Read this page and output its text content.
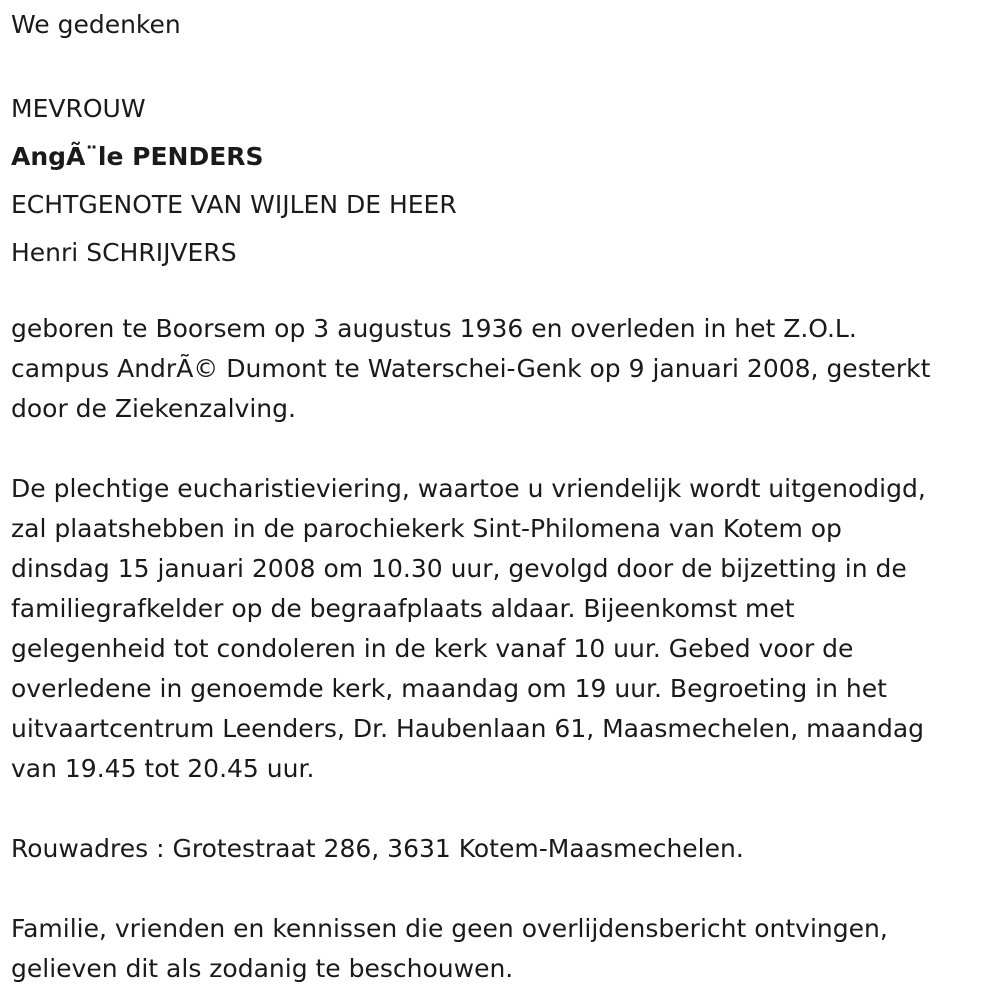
We gedenken
MEVROUW
AngÃ¨le PENDERS
ECHTGENOTE VAN WIJLEN DE HEER
Henri SCHRIJVERS
geboren te Boorsem op 3 augustus 1936 en overleden in het Z.O.L.
campus AndrÃ© Dumont te Waterschei-Genk op 9 januari 2008, gesterkt
door de Ziekenzalving.
De plechtige eucharistieviering, waartoe u vriendelijk wordt uitgenodigd,
zal plaatshebben in de parochiekerk Sint-Philomena van Kotem op
dinsdag 15 januari 2008 om 10.30 uur, gevolgd door de bijzetting in de
familiegrafkelder op de begraafplaats aldaar. Bijeenkomst met
gelegenheid tot condoleren in de kerk vanaf 10 uur. Gebed voor de
overledene in genoemde kerk, maandag om 19 uur. Begroeting in het
uitvaartcentrum Leenders, Dr. Haubenlaan 61, Maasmechelen, maandag
van 19.45 tot 20.45 uur.
Rouwadres : Grotestraat 286, 3631 Kotem-Maasmechelen.
Familie, vrienden en kennissen die geen overlijdensbericht ontvingen,
gelieven dit als zodanig te beschouwen.
